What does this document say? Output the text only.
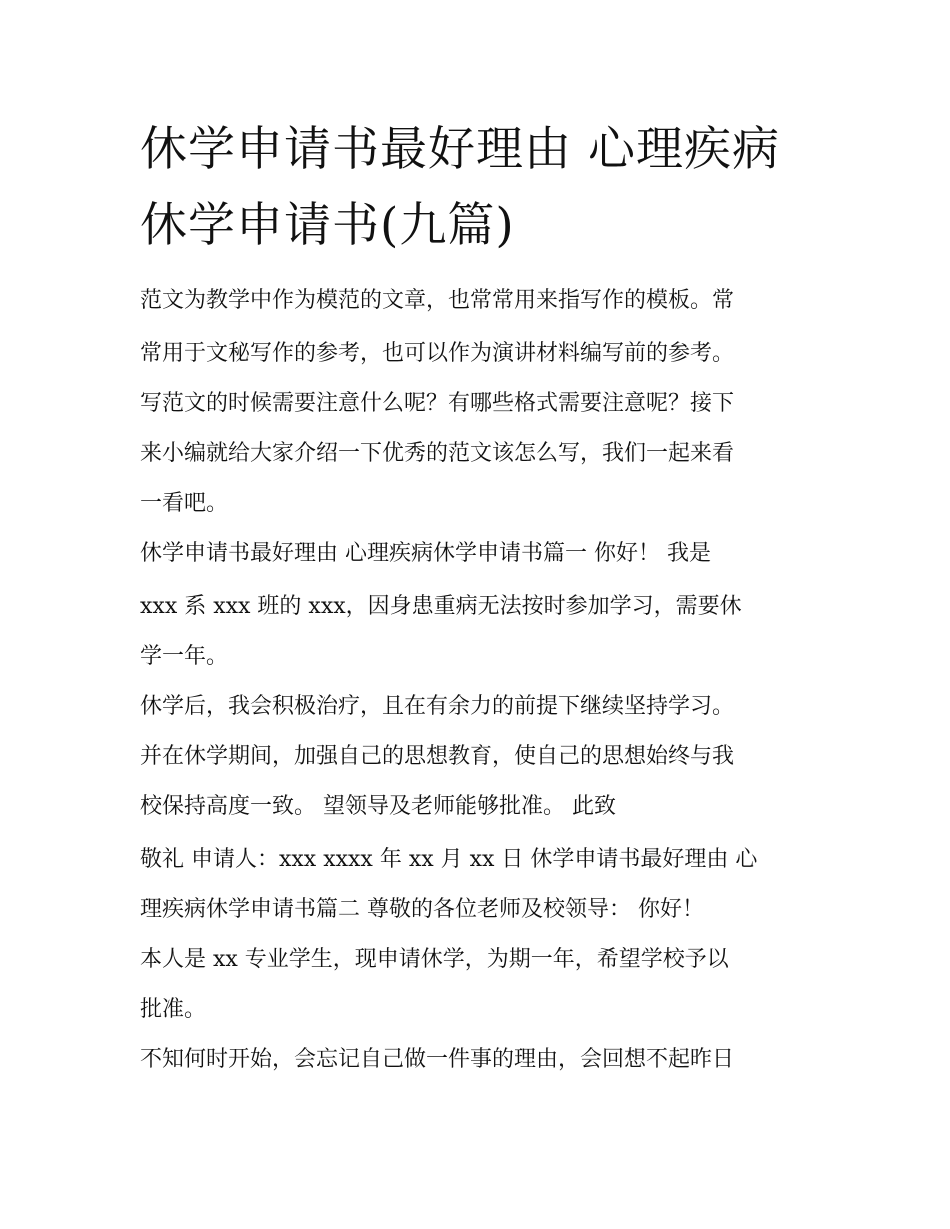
休学申请书最好理由 心理疾病
休学申请书(九篇)

范文为教学中作为模范的文章，也常常用来指写作的模板。常

常用于文秘写作的参考，也可以作为演讲材料编写前的参考。

写范文的时候需要注意什么呢？有哪些格式需要注意呢？接下

来小编就给大家介绍一下优秀的范文该怎么写，我们一起来看

一看吧。

休学申请书最好理由 心理疾病休学申请书篇一 你好！ 我是

xxx 系 xxx 班的 xxx，因身患重病无法按时参加学习，需要休

学一年。

休学后，我会积极治疗，且在有余力的前提下继续坚持学习。

并在休学期间，加强自己的思想教育，使自己的思想始终与我

校保持高度一致。 望领导及老师能够批准。 此致

敬礼 申请人：xxx xxxx 年 xx 月 xx 日 休学申请书最好理由 心

理疾病休学申请书篇二 尊敬的各位老师及校领导： 你好！

本人是 xx 专业学生，现申请休学，为期一年，希望学校予以

批准。

不知何时开始，会忘记自己做一件事的理由，会回想不起昨日
